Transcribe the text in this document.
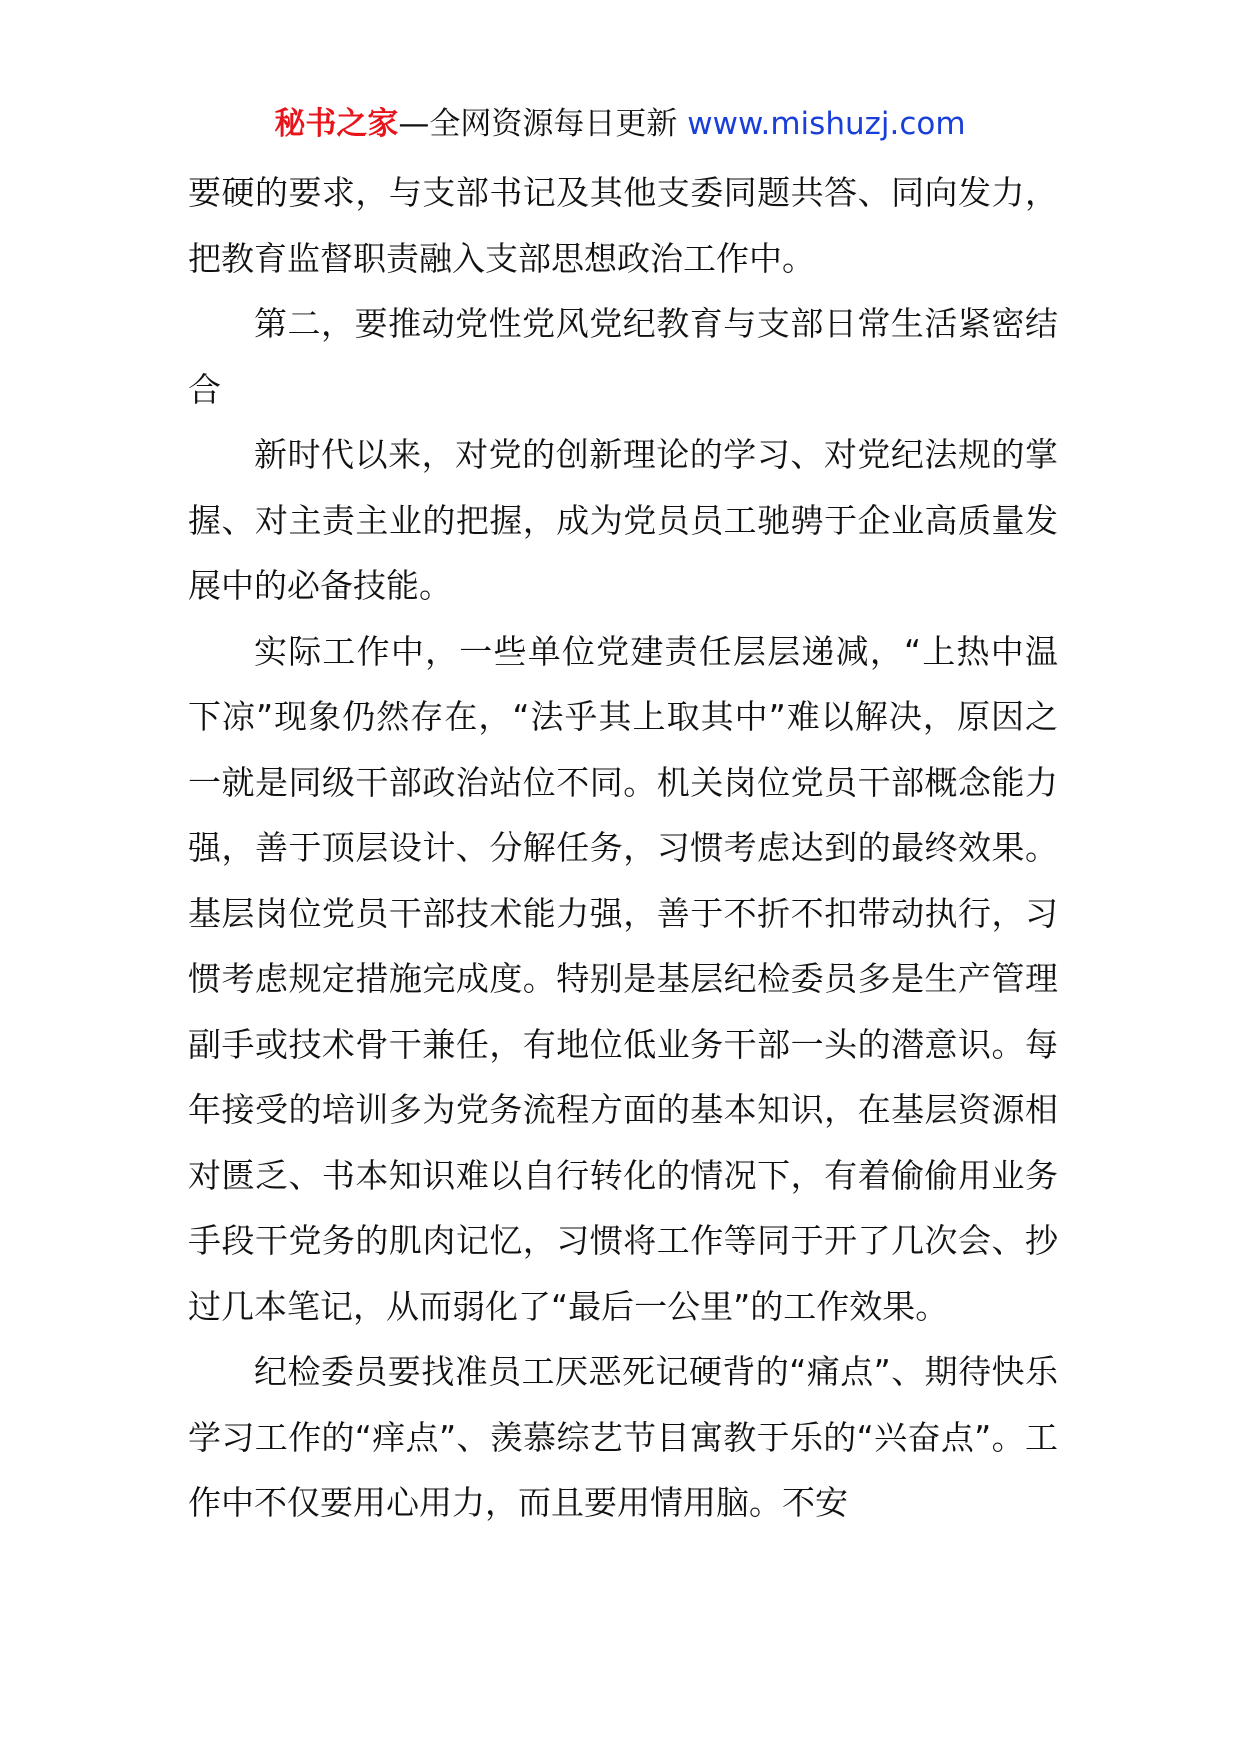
秘书之家—全网资源每日更新 www.mishuzj.com

要硬的要求，与支部书记及其他支委同题共答、同向发力，把教育监督职责融入支部思想政治工作中。

第二，要推动党性党风党纪教育与支部日常生活紧密结合

新时代以来，对党的创新理论的学习、对党纪法规的掌握、对主责主业的把握，成为党员员工驰骋于企业高质量发展中的必备技能。

实际工作中，一些单位党建责任层层递减，“上热中温下凉”现象仍然存在，“法乎其上取其中”难以解决，原因之一就是同级干部政治站位不同。机关岗位党员干部概念能力强，善于顶层设计、分解任务，习惯考虑达到的最终效果。基层岗位党员干部技术能力强，善于不折不扣带动执行，习惯考虑规定措施完成度。特别是基层纪检委员多是生产管理副手或技术骨干兼任，有地位低业务干部一头的潜意识。每年接受的培训多为党务流程方面的基本知识，在基层资源相对匮乏、书本知识难以自行转化的情况下，有着偷偷用业务手段干党务的肌肉记忆，习惯将工作等同于开了几次会、抄过几本笔记，从而弱化了“最后一公里”的工作效果。

纪检委员要找准员工厌恶死记硬背的“痛点”、期待快乐学习工作的“痒点”、羡慕综艺节目寓教于乐的“兴奋点”。工作中不仅要用心用力，而且要用情用脑。不安
